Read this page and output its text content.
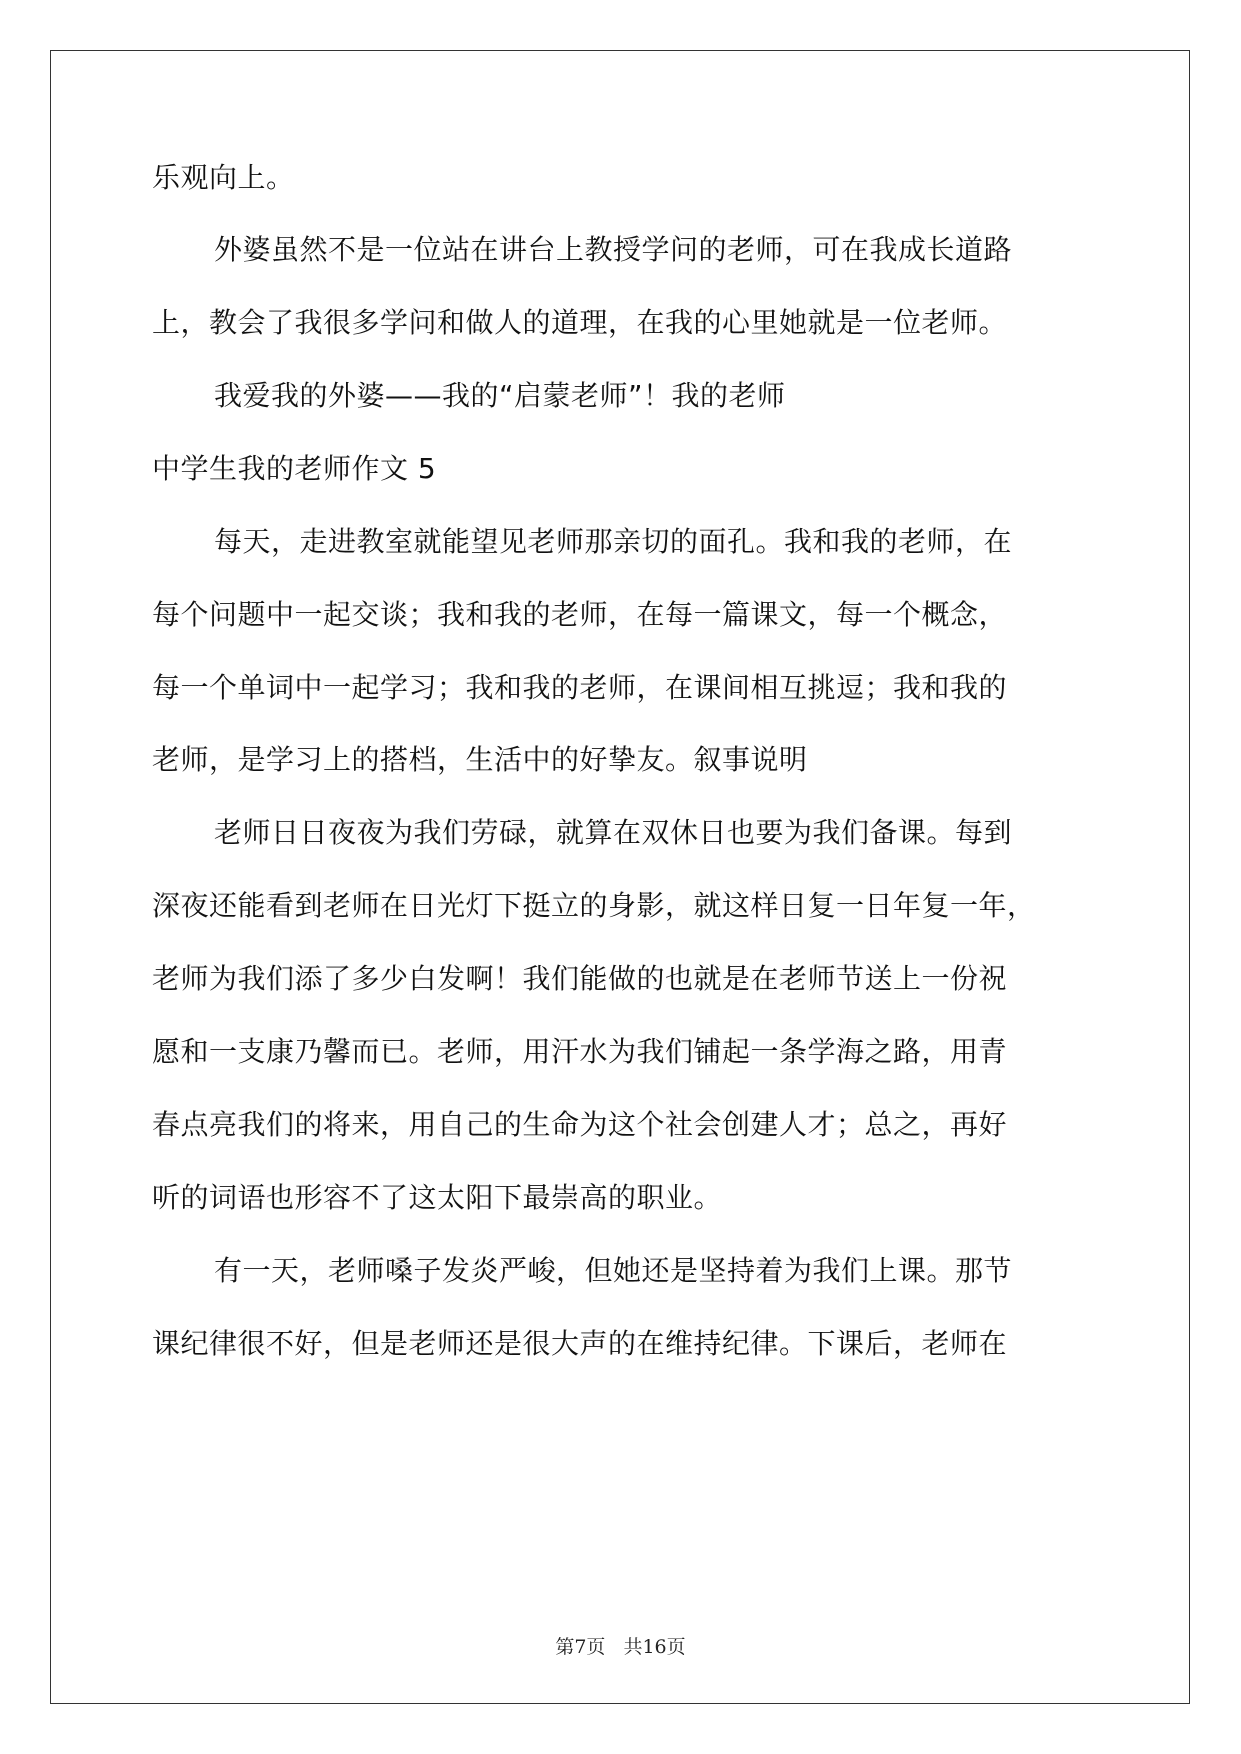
乐观向上。
外婆虽然不是一位站在讲台上教授学问的老师，可在我成长道路
上，教会了我很多学问和做人的道理，在我的心里她就是一位老师。
我爱我的外婆——我的“启蒙老师”！我的老师
中学生我的老师作文 5
每天，走进教室就能望见老师那亲切的面孔。我和我的老师，在
每个问题中一起交谈；我和我的老师，在每一篇课文，每一个概念，
每一个单词中一起学习；我和我的老师，在课间相互挑逗；我和我的
老师，是学习上的搭档，生活中的好挚友。叙事说明
老师日日夜夜为我们劳碌，就算在双休日也要为我们备课。每到
深夜还能看到老师在日光灯下挺立的身影，就这样日复一日年复一年，
老师为我们添了多少白发啊！我们能做的也就是在老师节送上一份祝
愿和一支康乃馨而已。老师，用汗水为我们铺起一条学海之路，用青
春点亮我们的将来，用自己的生命为这个社会创建人才；总之，再好
听的词语也形容不了这太阳下最崇高的职业。
有一天，老师嗓子发炎严峻，但她还是坚持着为我们上课。那节
课纪律很不好，但是老师还是很大声的在维持纪律。下课后，老师在
第7页 共16页
